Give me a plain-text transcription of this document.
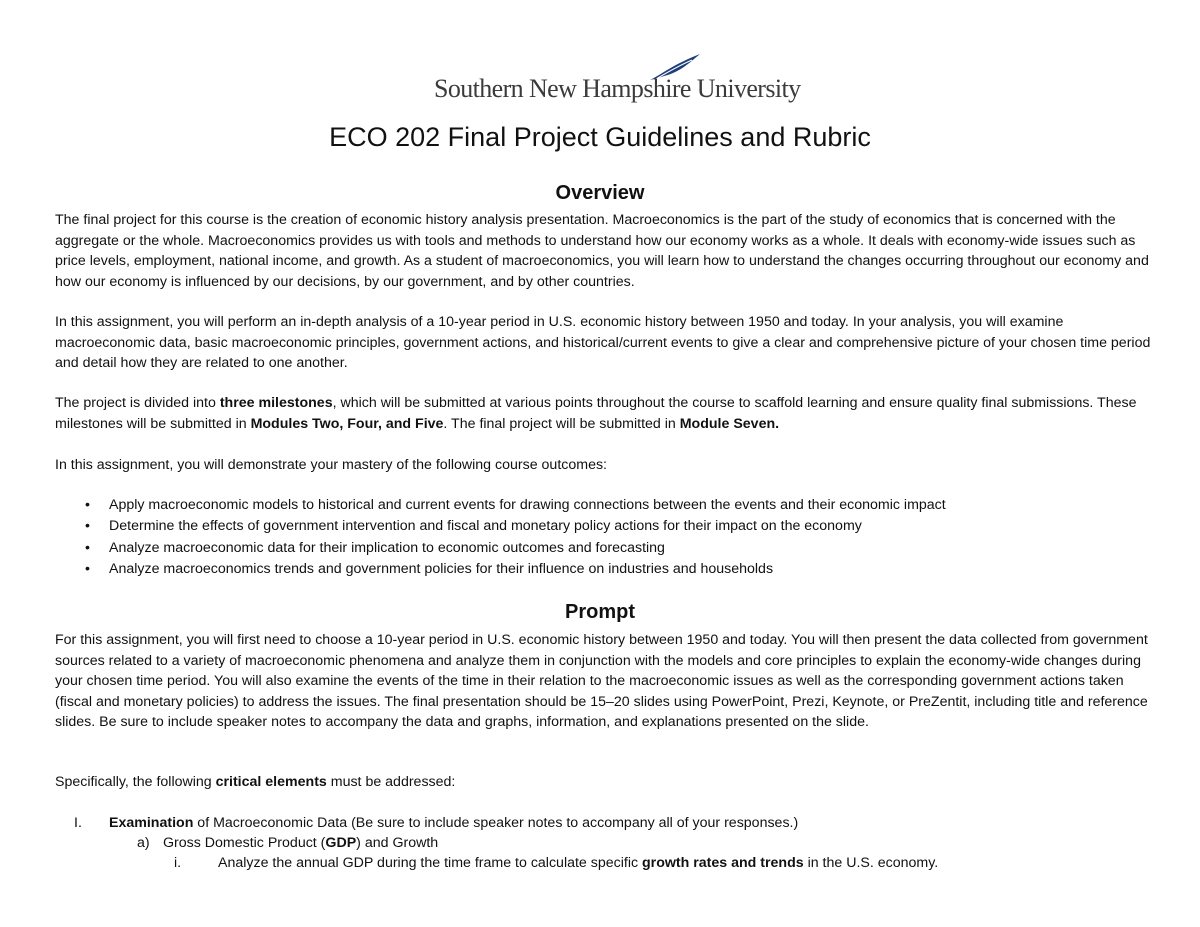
Southern New Hampshire University
ECO 202 Final Project Guidelines and Rubric
Overview

The final project for this course is the creation of economic history analysis presentation. Macroeconomics is the part of the study of economics that is concerned with the aggregate or the whole. Macroeconomics provides us with tools and methods to understand how our economy works as a whole. It deals with economy-wide issues such as price levels, employment, national income, and growth. As a student of macroeconomics, you will learn how to understand the changes occurring throughout our economy and how our economy is influenced by our decisions, by our government, and by other countries.

In this assignment, you will perform an in-depth analysis of a 10-year period in U.S. economic history between 1950 and today. In your analysis, you will examine macroeconomic data, basic macroeconomic principles, government actions, and historical/current events to give a clear and comprehensive picture of your chosen time period and detail how they are related to one another.

The project is divided into three milestones, which will be submitted at various points throughout the course to scaffold learning and ensure quality final submissions. These milestones will be submitted in Modules Two, Four, and Five. The final project will be submitted in Module Seven.

In this assignment, you will demonstrate your mastery of the following course outcomes:

• Apply macroeconomic models to historical and current events for drawing connections between the events and their economic impact
• Determine the effects of government intervention and fiscal and monetary policy actions for their impact on the economy
• Analyze macroeconomic data for their implication to economic outcomes and forecasting
• Analyze macroeconomics trends and government policies for their influence on industries and households
Prompt

For this assignment, you will first need to choose a 10-year period in U.S. economic history between 1950 and today. You will then present the data collected from government sources related to a variety of macroeconomic phenomena and analyze them in conjunction with the models and core principles to explain the economy-wide changes during your chosen time period. You will also examine the events of the time in their relation to the macroeconomic issues as well as the corresponding government actions taken (fiscal and monetary policies) to address the issues. The final presentation should be 15–20 slides using PowerPoint, Prezi, Keynote, or PreZentit, including title and reference slides. Be sure to include speaker notes to accompany the data and graphs, information, and explanations presented on the slide.

Specifically, the following critical elements must be addressed:

I. Examination of Macroeconomic Data (Be sure to include speaker notes to accompany all of your responses.)
a) Gross Domestic Product (GDP) and Growth
i.	Analyze the annual GDP during the time frame to calculate specific growth rates and trends in the U.S. economy.
